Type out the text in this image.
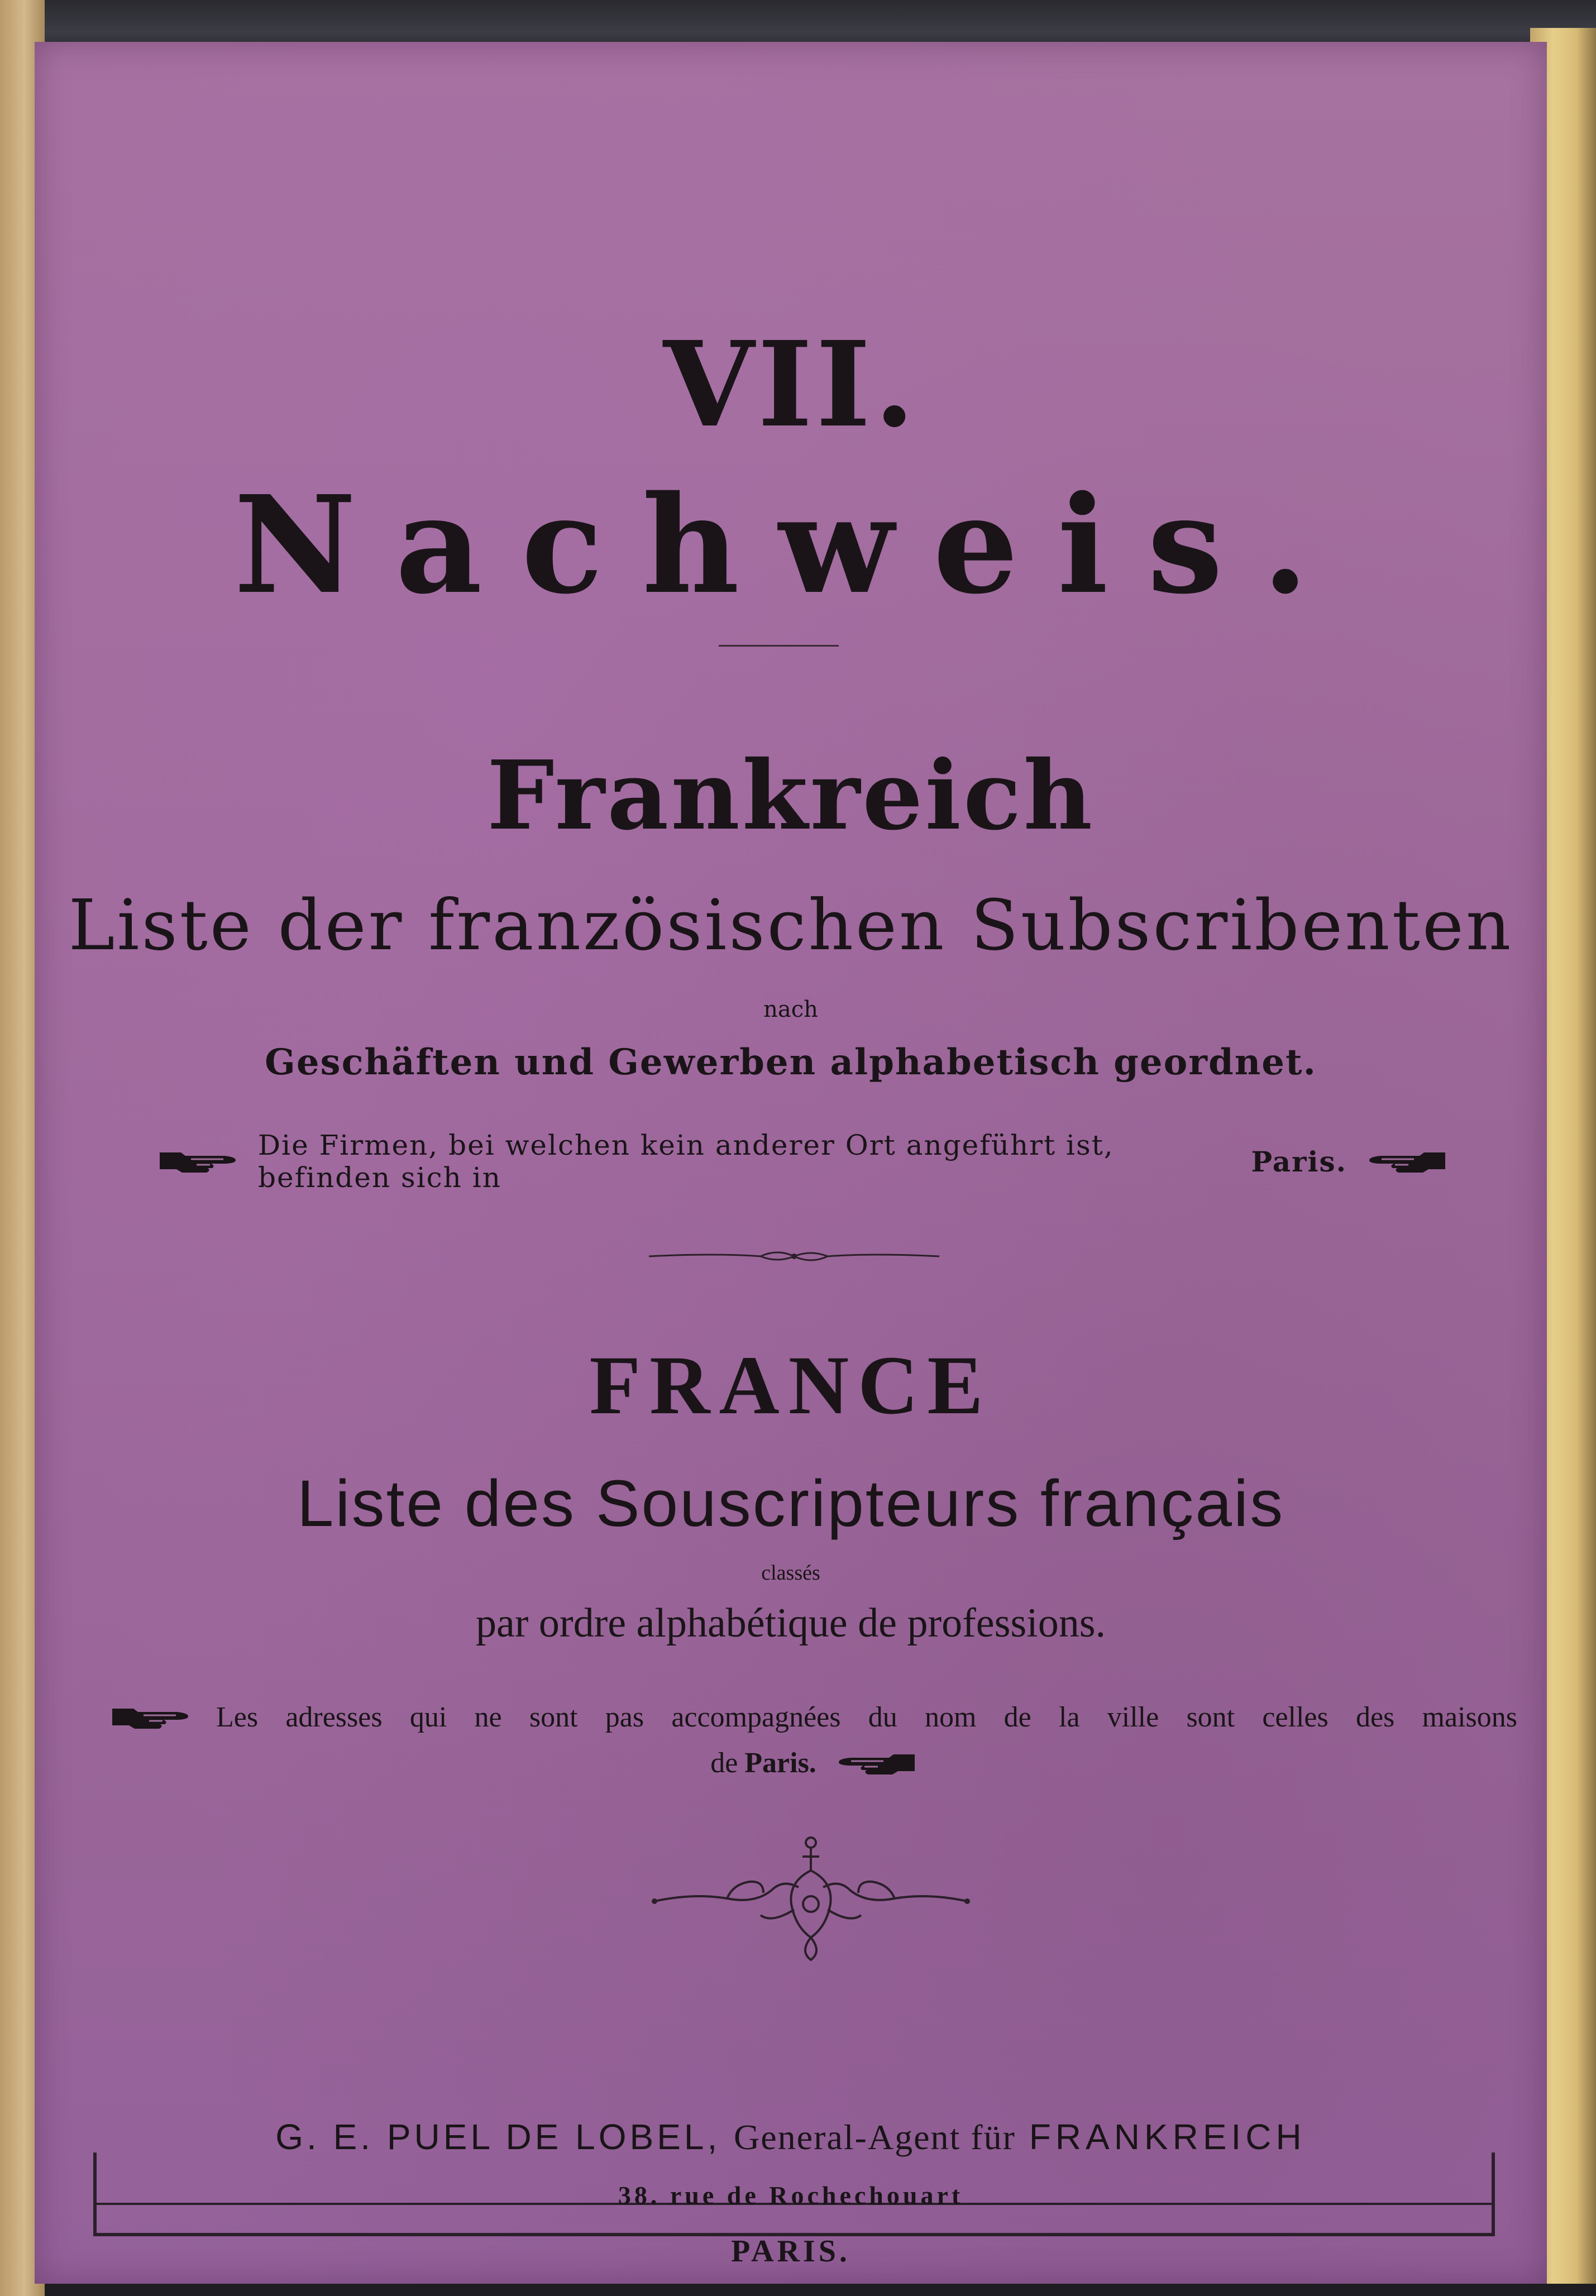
VII.
Nachweis.
Frankreich
Liste der französischen Subscribenten
nach
Geschäften und Gewerben alphabetisch geordnet.
Die Firmen, bei welchen kein anderer Ort angeführt ist, befinden sich in	Paris.
FRANCE
Liste des Souscripteurs français
classés
par ordre alphabétique de professions.
Les adresses qui ne sont pas accompagnées du nom de la ville sont celles des maisons
de Paris.
G. E. PUEL DE LOBEL, General-Agent für FRANKREICH
38. rue de Rochechouart
PARIS.
